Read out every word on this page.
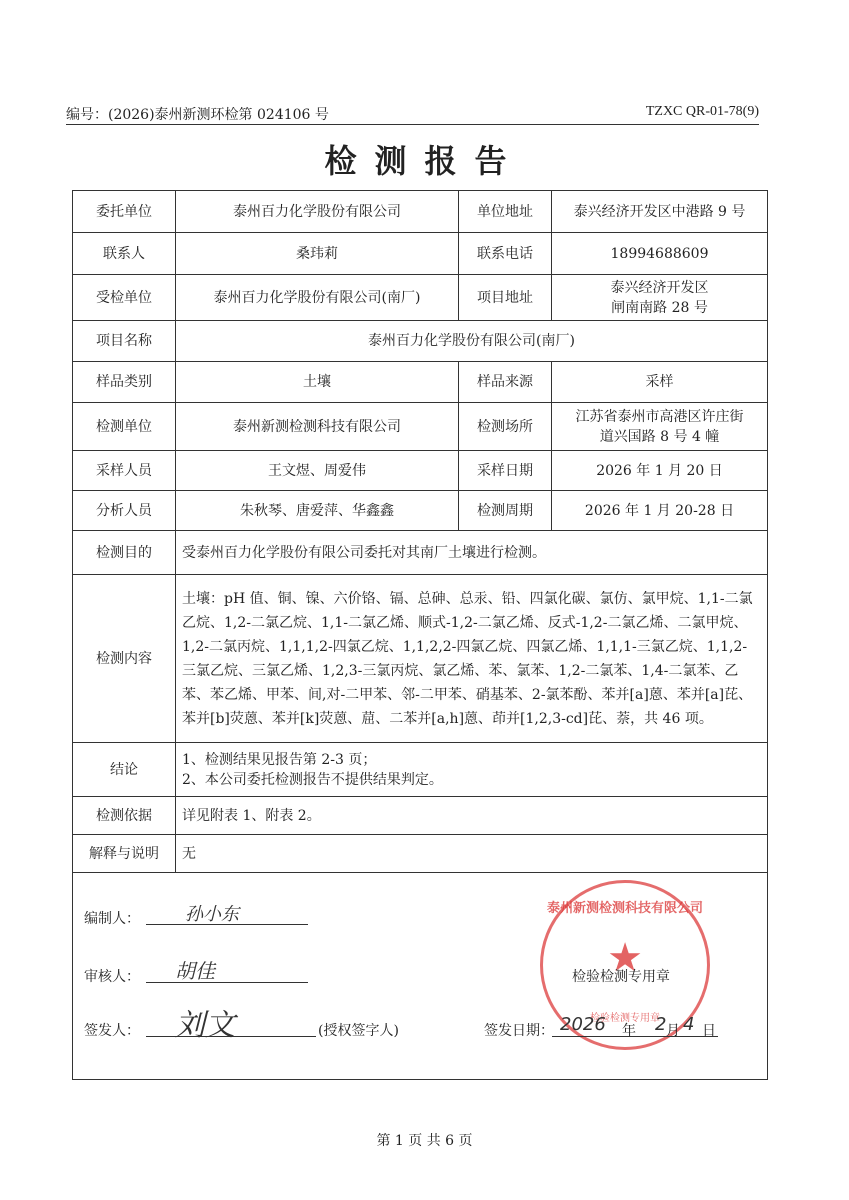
编号：(2026)泰州新测环检第 024106 号	TZXC QR-01-78(9)
检测报告
委托单位	泰州百力化学股份有限公司	单位地址	泰兴经济开发区中港路 9 号
联系人	桑玮莉	联系电话	18994688609
受检单位	泰州百力化学股份有限公司(南厂)	项目地址	泰兴经济开发区
闸南南路 28 号

项目名称	泰州百力化学股份有限公司(南厂)		
样品类别	土壤	样品来源	采样
检测单位	泰州新测检测科技有限公司	检测场所	江苏省泰州市高港区许庄街
道兴国路 8 号 4 幢

采样人员	王文煜、周爱伟	采样日期	2026 年 1 月 20 日
分析人员	朱秋琴、唐爱萍、华鑫鑫	检测周期	2026 年 1 月 20-28 日
检测目的	受泰州百力化学股份有限公司委托对其南厂土壤进行检测。		
检测内容	土壤：pH 值、铜、镍、六价铬、镉、总砷、总汞、铅、四氯化碳、氯仿、氯甲烷、1,1-二氯乙烷、1,2-二氯乙烷、1,1-二氯乙烯、顺式-1,2-二氯乙烯、反式-1,2-二氯乙烯、二氯甲烷、1,2-二氯丙烷、1,1,1,2-四氯乙烷、1,1,2,2-四氯乙烷、四氯乙烯、1,1,1-三氯乙烷、1,1,2-三氯乙烷、三氯乙烯、1,2,3-三氯丙烷、氯乙烯、苯、氯苯、1,2-二氯苯、1,4-二氯苯、乙苯、苯乙烯、甲苯、间,对-二甲苯、邻-二甲苯、硝基苯、2-氯苯酚、苯并[a]蒽、苯并[a]芘、苯并[b]荧蒽、苯并[k]荧蒽、䓛、二苯并[a,h]蒽、茚并[1,2,3-cd]芘、萘，共 46 项。		
结论	1、检测结果见报告第 2-3 页；
2、本公司委托检测报告不提供结果判定。		

检测依据	详见附表 1、附表 2。		
解释与说明	无		
编制人：	孙小东
审核人： 胡佳
签发人： 刘文	(授权签字人)
泰州新测检测科技有限公司
★
检验检测专用章
检验检测专用章
签发日期： 2026 年 2 月 4 日
第 1 页 共 6 页
